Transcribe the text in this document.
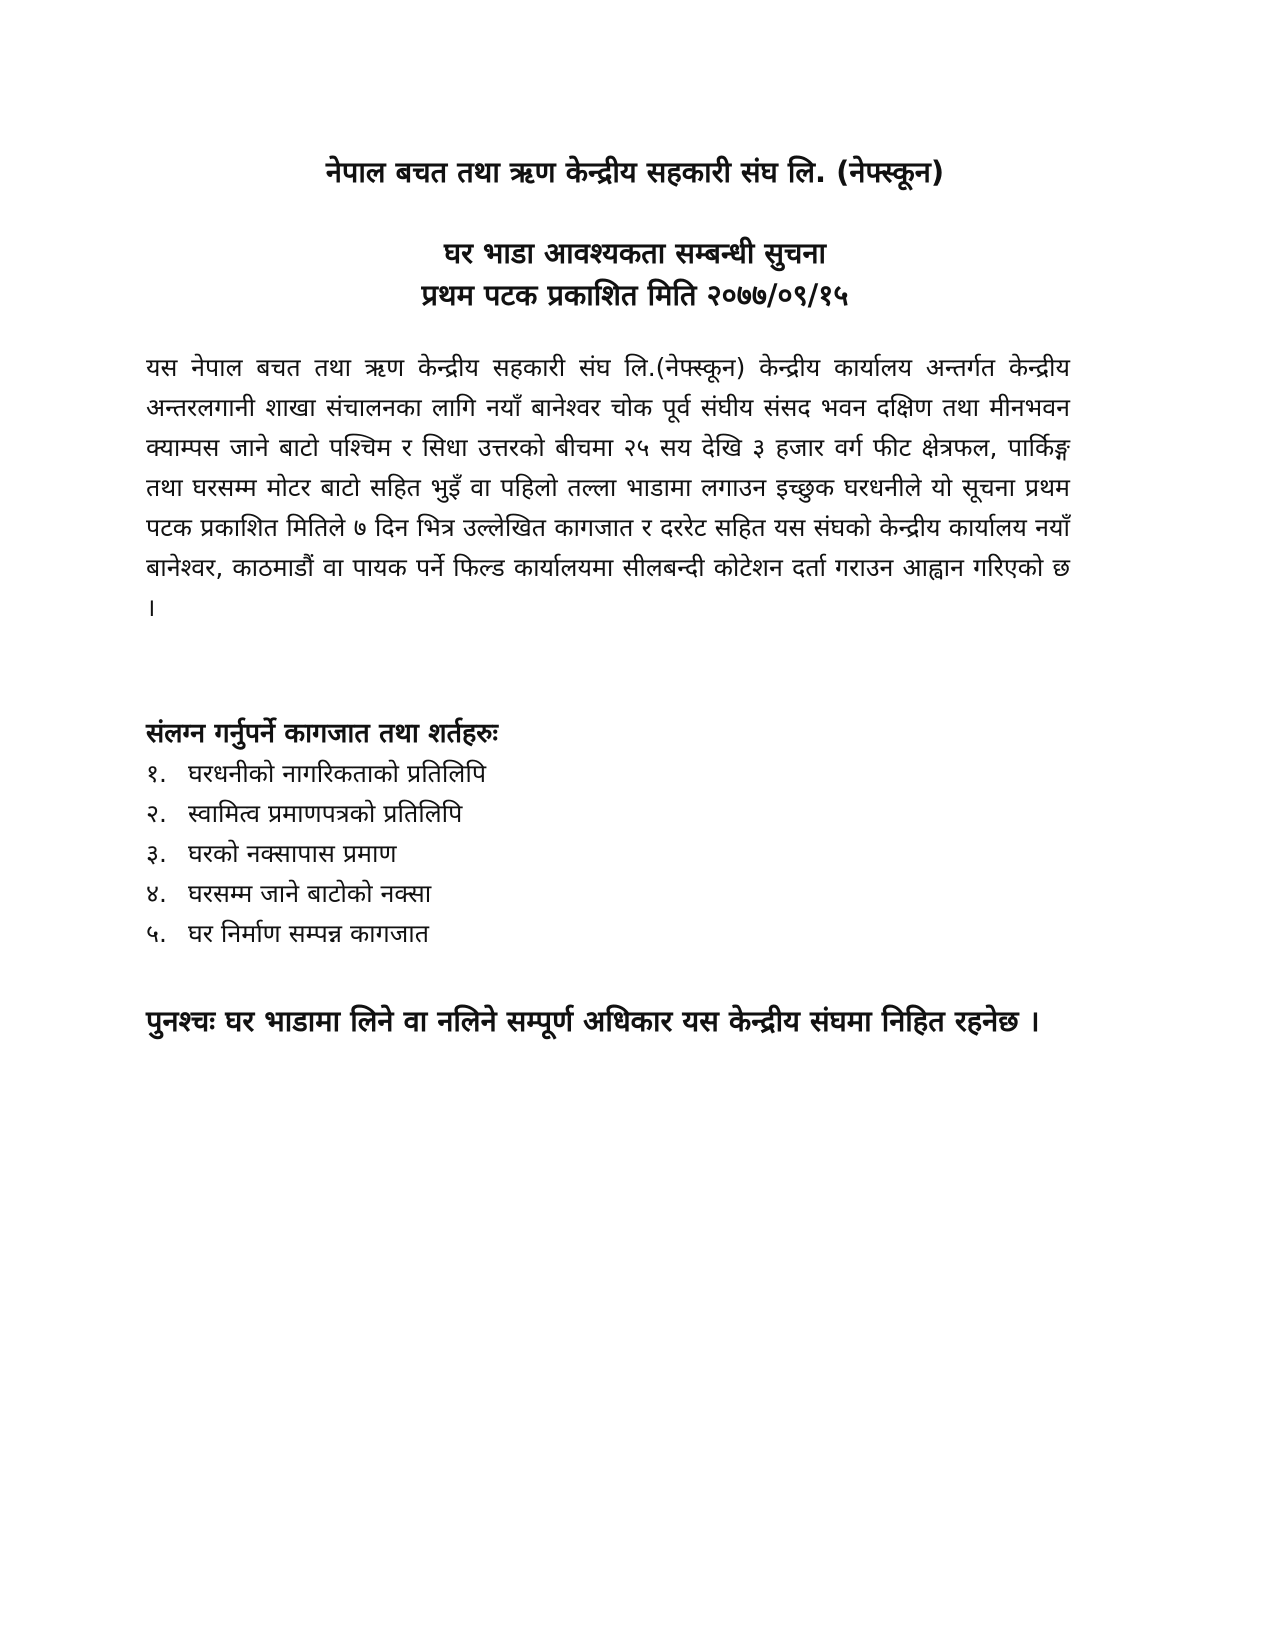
नेपाल बचत तथा ऋण केन्द्रीय सहकारी संघ लि. (नेफ्स्कून)
घर भाडा आवश्यकता सम्बन्धी सुचना
प्रथम पटक प्रकाशित मिति २०७७/०९/१५
यस नेपाल बचत तथा ऋण केन्द्रीय सहकारी संघ लि.(नेफ्स्कून) केन्द्रीय कार्यालय अन्तर्गत केन्द्रीय अन्तरलगानी शाखा संचालनका लागि नयाँ बानेश्वर चोक पूर्व संघीय संसद भवन दक्षिण तथा मीनभवन क्याम्पस जाने बाटो पश्चिम र सिधा उत्तरको बीचमा २५ सय देखि ३ हजार वर्ग फीट क्षेत्रफल, पार्किङ्ग तथा घरसम्म मोटर बाटो सहित भुइँ वा पहिलो तल्ला भाडामा लगाउन इच्छुक घरधनीले यो सूचना प्रथम पटक प्रकाशित मितिले ७ दिन भित्र उल्लेखित कागजात र दररेट सहित यस संघको केन्द्रीय कार्यालय नयाँ बानेश्वर, काठमाडौं वा पायक पर्ने फिल्ड कार्यालयमा सीलबन्दी कोटेशन दर्ता गराउन आह्वान गरिएको छ ।
संलग्न गर्नुपर्ने कागजात तथा शर्तहरुः
१. घरधनीको नागरिकताको प्रतिलिपि
२. स्वामित्व प्रमाणपत्रको प्रतिलिपि
३. घरको नक्सापास प्रमाण
४. घरसम्म जाने बाटोको नक्सा
५. घर निर्माण सम्पन्न कागजात
पुनश्चः घर भाडामा लिने वा नलिने सम्पूर्ण अधिकार यस केन्द्रीय संघमा निहित रहनेछ ।
